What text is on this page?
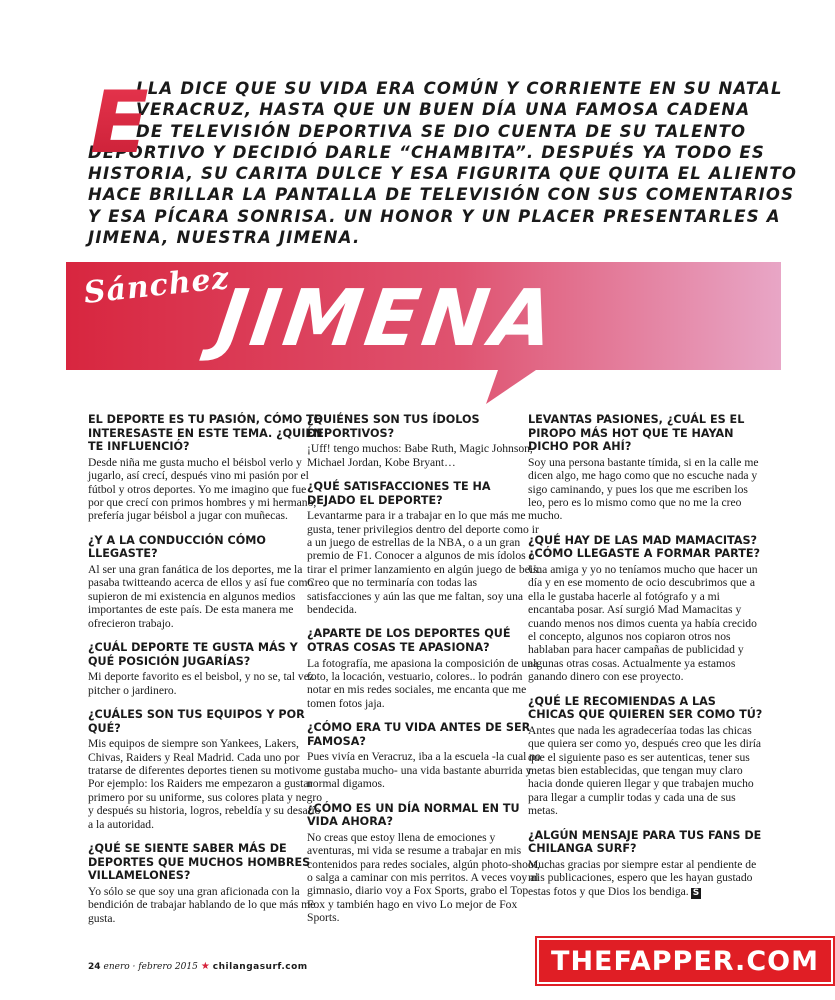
E
LLA DICE QUE SU VIDA ERA COMÚN Y CORRIENTE EN SU NATAL
VERACRUZ, HASTA QUE UN BUEN DÍA UNA FAMOSA CADENA
DE TELEVISIÓN DEPORTIVA SE DIO CUENTA DE SU TALENTO
DEPORTIVO Y DECIDIÓ DARLE “CHAMBITA”. DESPUÉS YA TODO ES
HISTORIA, SU CARITA DULCE Y ESA FIGURITA QUE QUITA EL ALIENTO
HACE BRILLAR LA PANTALLA DE TELEVISIÓN CON SUS COMENTARIOS
Y ESA PÍCARA SONRISA. UN HONOR Y UN PLACER PRESENTARLES A
JIMENA, NUESTRA JIMENA.
Sánchez
JIMENA

EL DEPORTE ES TU PASIÓN, CÓMO TE INTERESASTE EN ESTE TEMA. ¿QUIÉN TE INFLUENCIÓ?

Desde niña me gusta mucho el béisbol verlo y jugarlo, así crecí, después vino mi pasión por el fútbol y otros deportes. Yo me imagino que fue por que crecí con primos hombres y mi hermano, prefería jugar béisbol a jugar con muñecas.

¿Y A LA CONDUCCIÓN CÓMO LLEGASTE?

Al ser una gran fanática de los deportes, me la pasaba twitteando acerca de ellos y así fue como supieron de mi existencia en algunos medios importantes de este país. De esta manera me ofrecieron trabajo.

¿CUÁL DEPORTE TE GUSTA MÁS Y QUÉ POSICIÓN JUGARÍAS?

Mi deporte favorito es el beisbol, y no se, tal vez pitcher o jardinero.

¿CUÁLES SON TUS EQUIPOS Y POR QUÉ?

Mis equipos de siempre son Yankees, Lakers, Chivas, Raiders y Real Madrid. Cada uno por tratarse de diferentes deportes tienen su motivo. Por ejemplo: los Raiders me empezaron a gustar primero por su uniforme, sus colores plata y negro y después su historia, logros, rebeldía y su desafío a la autoridad.

¿QUÉ SE SIENTE SABER MÁS DE DEPORTES QUE MUCHOS HOMBRES VILLAMELONES?

Yo sólo se que soy una gran aficionada con la bendición de trabajar hablando de lo que más me gusta.

¿QUIÉNES SON TUS ÍDOLOS DEPORTIVOS?

¡Uff! tengo muchos: Babe Ruth, Magic Johnson, Michael Jordan, Kobe Bryant…

¿QUÉ SATISFACCIONES TE HA DEJADO EL DEPORTE?

Levantarme para ir a trabajar en lo que más me gusta, tener privilegios dentro del deporte como ir a un juego de estrellas de la NBA, o a un gran premio de F1. Conocer a algunos de mis ídolos o tirar el primer lanzamiento en algún juego de beis. Creo que no terminaría con todas las satisfacciones y aún las que me faltan, soy una bendecida.

¿APARTE DE LOS DEPORTES QUÉ OTRAS COSAS TE APASIONA?

La fotografía, me apasiona la composición de una foto, la locación, vestuario, colores.. lo podrán notar en mis redes sociales, me encanta que me tomen fotos jaja.

¿CÓMO ERA TU VIDA ANTES DE SER FAMOSA?

Pues vivía en Veracruz, iba a la escuela -la cual no me gustaba mucho- una vida bastante aburrida y normal digamos.

¿CÓMO ES UN DÍA NORMAL EN TU VIDA AHORA?

No creas que estoy llena de emociones y aventuras, mi vida se resume a trabajar en mis contenidos para redes sociales, algún photo-shoot, o salga a caminar con mis perritos. A veces voy al gimnasio, diario voy a Fox Sports, grabo el Top Fox y también hago en vivo Lo mejor de Fox Sports.

LEVANTAS PASIONES, ¿CUÁL ES EL PIROPO MÁS HOT QUE TE HAYAN DICHO POR AHÍ?

Soy una persona bastante tímida, si en la calle me dicen algo, me hago como que no escuche nada y sigo caminando, y pues los que me escriben los leo, pero es lo mismo como que no me la creo mucho.

¿QUÉ HAY DE LAS MAD MAMACITAS? ¿CÓMO LLEGASTE A FORMAR PARTE?

Una amiga y yo no teníamos mucho que hacer un día y en ese momento de ocio descubrimos que a ella le gustaba hacerle al fotógrafo y a mi encantaba posar. Así surgió Mad Mamacitas y cuando menos nos dimos cuenta ya había crecido el concepto, algunos nos copiaron otros nos hablaban para hacer campañas de publicidad y algunas otras cosas. Actualmente ya estamos ganando dinero con ese proyecto.

¿QUÉ LE RECOMIENDAS A LAS CHICAS QUE QUIEREN SER COMO TÚ?

Antes que nada les agradeceríaa todas las chicas que quiera ser como yo, después creo que les diría que el siguiente paso es ser autenticas, tener sus metas bien establecidas, que tengan muy claro hacia donde quieren llegar y que trabajen mucho para llegar a cumplir todas y cada una de sus metas.

¿ALGÚN MENSAJE PARA TUS FANS DE CHILANGA SURF?

Muchas gracias por siempre estar al pendiente de mis publicaciones, espero que les hayan gustado estas fotos y que Dios los bendiga. S

24 enero · febrero 2015 ★ chilangasurf.com	THEFAPPER.COM
